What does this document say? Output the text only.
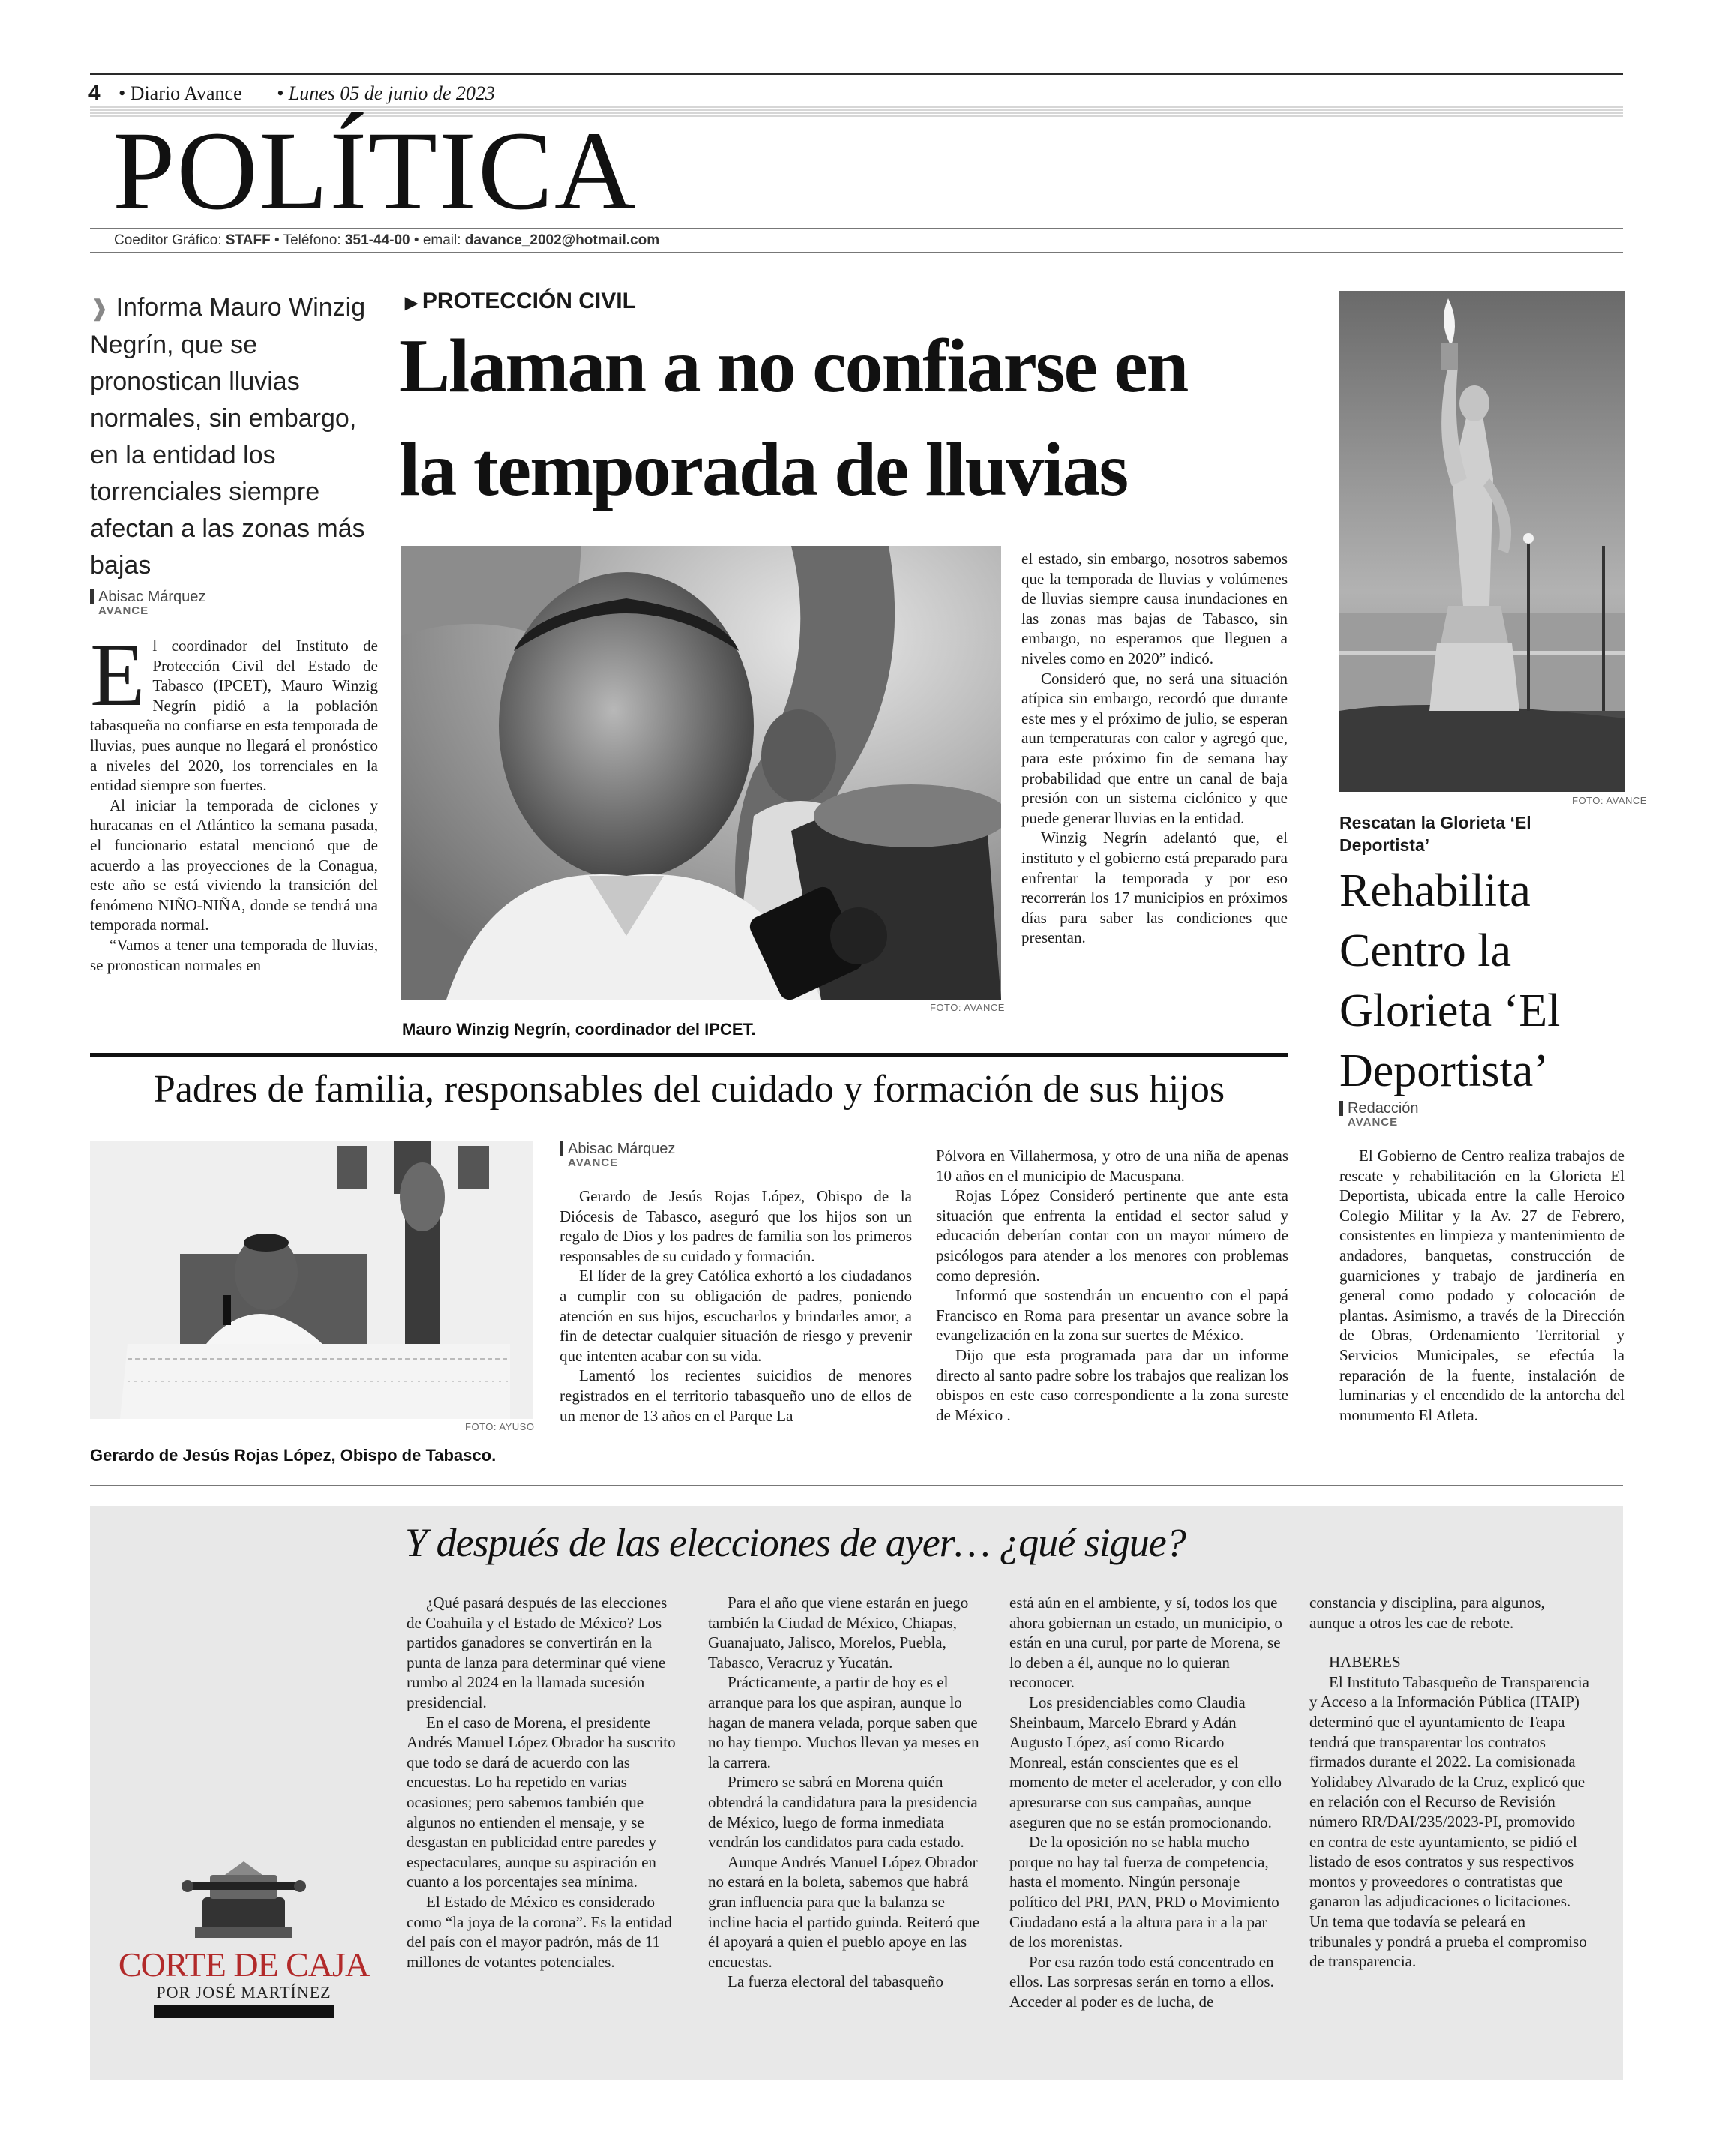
4 • Diario Avance • Lunes 05 de junio de 2023
POLÍTICA
Coeditor Gráfico: STAFF • Teléfono: 351-44-00 • email: davance_2002@hotmail.com
❱ Informa Mauro Winzig Negrín, que se pronostican lluvias normales, sin embargo, en la entidad los torrenciales siempre afectan a las zonas más bajas
▶ PROTECCIÓN CIVIL
Llaman a no confiarse en
la temporada de lluvias
Abisac Márquez
AVANCE

El coordinador del Instituto de Protección Civil del Estado de Tabasco (IPCET), Mauro Winzig Negrín pidió a la población tabasqueña no confiarse en esta temporada de lluvias, pues aunque no llegará el pronóstico a niveles del 2020, los torrenciales en la entidad siempre son fuertes.

Al iniciar la temporada de ciclones y huracanas en el Atlántico la semana pasada, el funcionario estatal mencionó que de acuerdo a las proyecciones de la Conagua, este año se está viviendo la transición del fenómeno NIÑO-NIÑA, donde se tendrá una temporada normal.

“Vamos a tener una temporada de lluvias, se pronostican normales en

FOTO: AVANCE
Mauro Winzig Negrín, coordinador del IPCET.

el estado, sin embargo, nosotros sabemos que la temporada de lluvias y volúmenes de lluvias siempre causa inundaciones en las zonas mas bajas de Tabasco, sin embargo, no esperamos que lleguen a niveles como en 2020” indicó.

Consideró que, no será una situación atípica sin embargo, recordó que durante este mes y el próximo de julio, se esperan aun temperaturas con calor y agregó que, para este próximo fin de semana hay probabilidad que entre un canal de baja presión con un sistema ciclónico y que puede generar lluvias en la entidad.

Winzig Negrín adelantó que, el instituto y el gobierno está preparado para enfrentar la temporada y por eso recorrerán los 17 municipios en próximos días para saber las condiciones que presentan.

FOTO: AVANCE
Rescatan la Glorieta ‘El Deportista’
Rehabilita Centro la Glorieta ‘El Deportista’
Redacción
AVANCE

El Gobierno de Centro realiza trabajos de rescate y rehabilitación en la Glorieta El Deportista, ubicada entre la calle Heroico Colegio Militar y la Av. 27 de Febrero, consistentes en limpieza y mantenimiento de andadores, banquetas, construcción de guarniciones y trabajo de jardinería en general como podado y colocación de plantas. Asimismo, a través de la Dirección de Obras, Ordenamiento Territorial y Servicios Municipales, se efectúa la reparación de la fuente, instalación de luminarias y el encendido de la antorcha del monumento El Atleta.

Padres de familia, responsables del cuidado y formación de sus hijos
FOTO: AYUSO
Gerardo de Jesús Rojas López, Obispo de Tabasco.
Abisac Márquez
AVANCE

Gerardo de Jesús Rojas López, Obispo de la Diócesis de Tabasco, aseguró que los hijos son un regalo de Dios y los padres de familia son los primeros responsables de su cuidado y formación.

El líder de la grey Católica exhortó a los ciudadanos a cumplir con su obligación de padres, poniendo atención en sus hijos, escucharlos y brindarles amor, a fin de detectar cualquier situación de riesgo y prevenir que intenten acabar con su vida.

Lamentó los recientes suicidios de menores registrados en el territorio tabasqueño uno de ellos de un menor de 13 años en el Parque La

Pólvora en Villahermosa, y otro de una niña de apenas 10 años en el municipio de Macuspana.

Rojas López Consideró pertinente que ante esta situación que enfrenta la entidad el sector salud y educación deberían contar con un mayor número de psicólogos para atender a los menores con problemas como depresión.

Informó que sostendrán un encuentro con el papá Francisco en Roma para presentar un avance sobre la evangelización en la zona sur suertes de México.

Dijo que esta programada para dar un informe directo al santo padre sobre los trabajos que realizan los obispos en este caso correspondiente a la zona sureste de México .

Y después de las elecciones de ayer… ¿qué sigue?
CORTE DE CAJA
POR JOSÉ MARTÍNEZ

¿Qué pasará después de las elecciones de Coahuila y el Estado de México? Los partidos ganadores se convertirán en la punta de lanza para determinar qué viene rumbo al 2024 en la llamada sucesión presidencial.

En el caso de Morena, el presidente Andrés Manuel López Obrador ha suscrito que todo se dará de acuerdo con las encuestas. Lo ha repetido en varias ocasiones; pero sabemos también que algunos no entienden el mensaje, y se desgastan en publicidad entre paredes y espectaculares, aunque su aspiración en cuanto a los porcentajes sea mínima.

El Estado de México es considerado como “la joya de la corona”. Es la entidad del país con el mayor padrón, más de 11 millones de votantes potenciales.

Para el año que viene estarán en juego también la Ciudad de México, Chiapas, Guanajuato, Jalisco, Morelos, Puebla, Tabasco, Veracruz y Yucatán.

Prácticamente, a partir de hoy es el arranque para los que aspiran, aunque lo hagan de manera velada, porque saben que no hay tiempo. Muchos llevan ya meses en la carrera.

Primero se sabrá en Morena quién obtendrá la candidatura para la presidencia de México, luego de forma inmediata vendrán los candidatos para cada estado.

Aunque Andrés Manuel López Obrador no estará en la boleta, sabemos que habrá gran influencia para que la balanza se incline hacia el partido guinda. Reiteró que él apoyará a quien el pueblo apoye en las encuestas.

La fuerza electoral del tabasqueño

está aún en el ambiente, y sí, todos los que ahora gobiernan un estado, un municipio, o están en una curul, por parte de Morena, se lo deben a él, aunque no lo quieran reconocer.

Los presidenciables como Claudia Sheinbaum, Marcelo Ebrard y Adán Augusto López, así como Ricardo Monreal, están conscientes que es el momento de meter el acelerador, y con ello apresurarse con sus campañas, aunque aseguren que no se están promocionando.

De la oposición no se habla mucho porque no hay tal fuerza de competencia, hasta el momento. Ningún personaje político del PRI, PAN, PRD o Movimiento Ciudadano está a la altura para ir a la par de los morenistas.

Por esa razón todo está concentrado en ellos. Las sorpresas serán en torno a ellos. Acceder al poder es de lucha, de

constancia y disciplina, para algunos, aunque a otros les cae de rebote.

HABERES

El Instituto Tabasqueño de Transparencia y Acceso a la Información Pública (ITAIP) determinó que el ayuntamiento de Teapa tendrá que transparentar los contratos firmados durante el 2022. La comisionada Yolidabey Alvarado de la Cruz, explicó que en relación con el Recurso de Revisión número RR/DAI/235/2023-PI, promovido en contra de este ayuntamiento, se pidió el listado de esos contratos y sus respectivos montos y proveedores o contratistas que ganaron las adjudicaciones o licitaciones. Un tema que todavía se peleará en tribunales y pondrá a prueba el compromiso de transparencia.
